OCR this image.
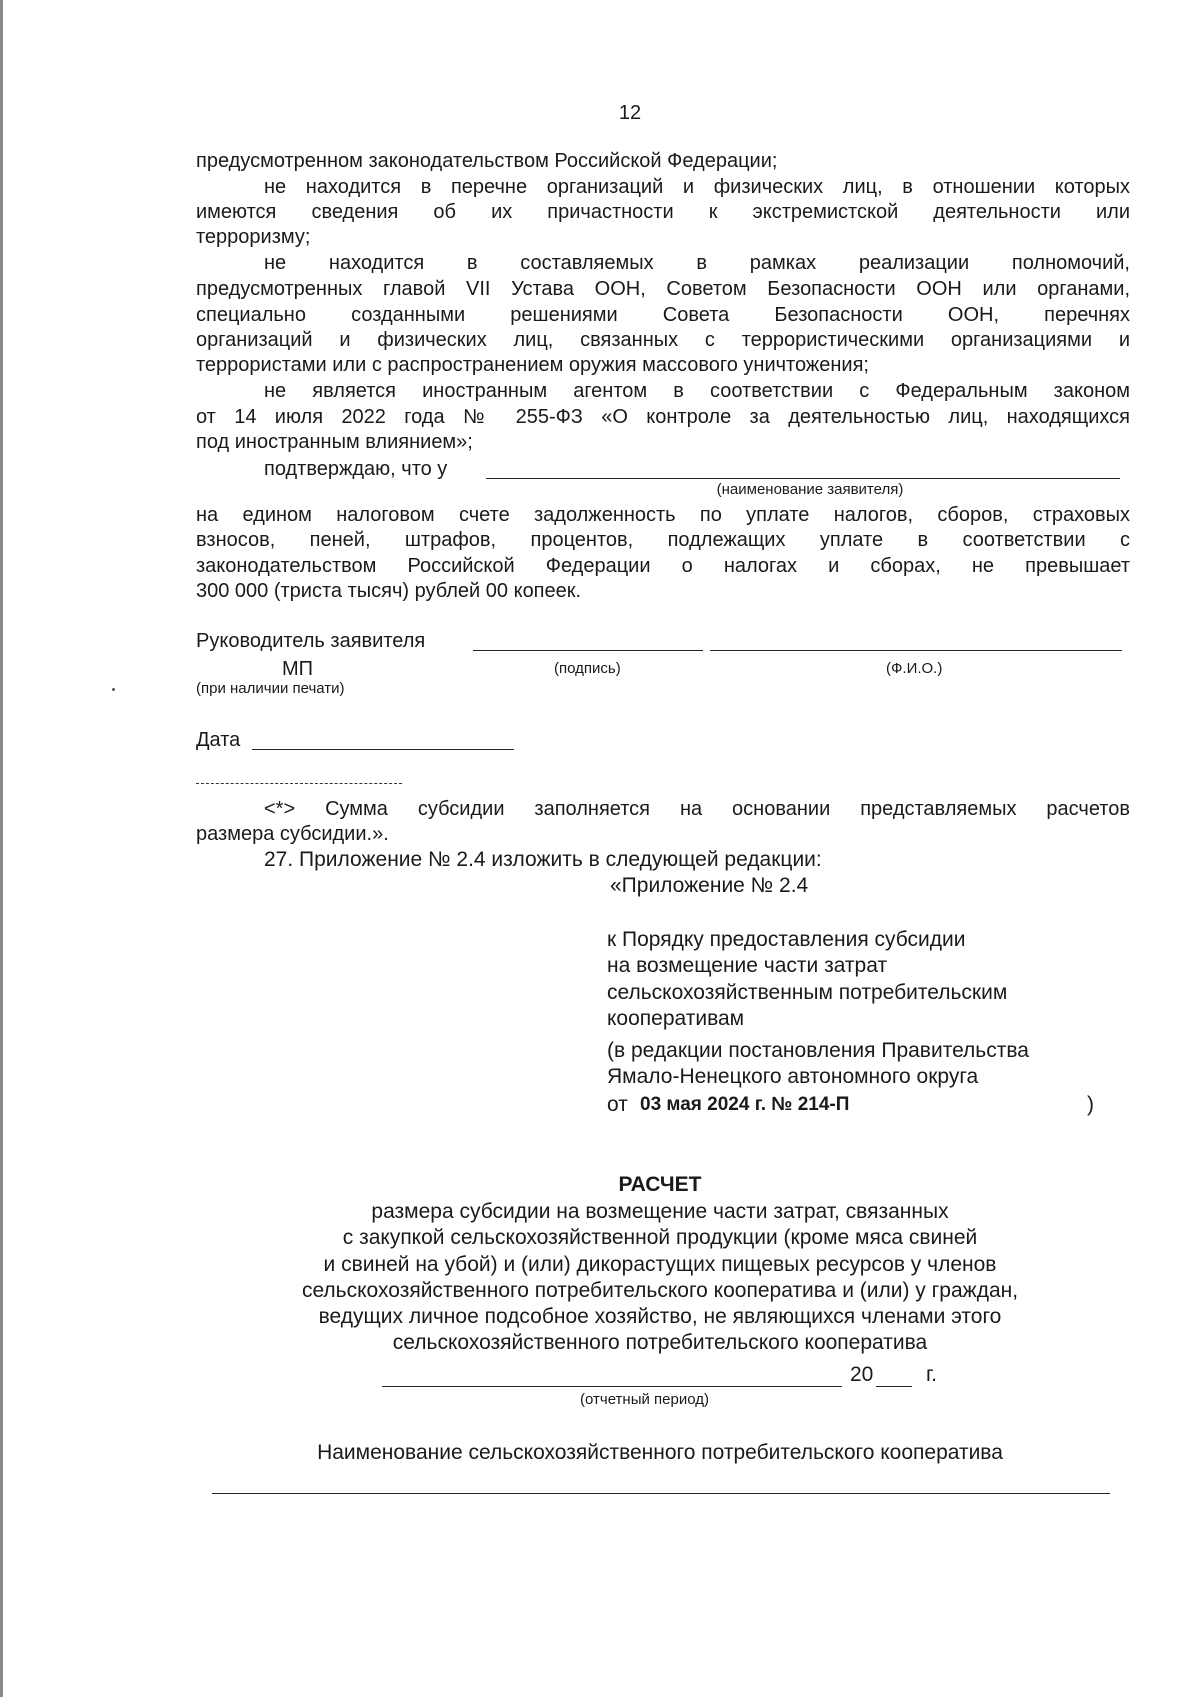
12
предусмотренном законодательством Российской Федерации;
не находится в перечне организаций и физических лиц, в отношении которых
имеются сведения об их причастности к экстремистской деятельности или
терроризму;
не находится в составляемых в рамках реализации полномочий,
предусмотренных главой VII Устава ООН, Советом Безопасности ООН или органами,
специально созданными решениями Совета Безопасности ООН, перечнях
организаций и физических лиц, связанных с террористическими организациями и
террористами или с распространением оружия массового уничтожения;
не является иностранным агентом в соответствии с Федеральным законом
от 14 июля 2022 года № 255-ФЗ «О контроле за деятельностью лиц, находящихся
под иностранным влиянием»;
подтверждаю, что у
(наименование заявителя)
на едином налоговом счете задолженность по уплате налогов, сборов, страховых
взносов, пеней, штрафов, процентов, подлежащих уплате в соответствии с
законодательством Российской Федерации о налогах и сборах, не превышает
300 000 (триста тысяч) рублей 00 копеек.
Руководитель заявителя
МП	(подпись)	(Ф.И.О.)
(при наличии печати)
Дата
<*> Сумма субсидии заполняется на основании представляемых расчетов
размера субсидии.».
27. Приложение № 2.4 изложить в следующей редакции:
«Приложение № 2.4
к Порядку предоставления субсидии
на возмещение части затрат
сельскохозяйственным потребительским
кооперативам
(в редакции постановления Правительства
Ямало-Ненецкого автономного округа
от 03 мая 2024 г. № 214-П	)
РАСЧЕТ
размера субсидии на возмещение части затрат, связанных
с закупкой сельскохозяйственной продукции (кроме мяса свиней
и свиней на убой) и (или) дикорастущих пищевых ресурсов у членов
сельскохозяйственного потребительского кооператива и (или) у граждан,
ведущих личное подсобное хозяйство, не являющихся членами этого
сельскохозяйственного потребительского кооператива
20	г.
(отчетный период)
Наименование сельскохозяйственного потребительского кооператива
